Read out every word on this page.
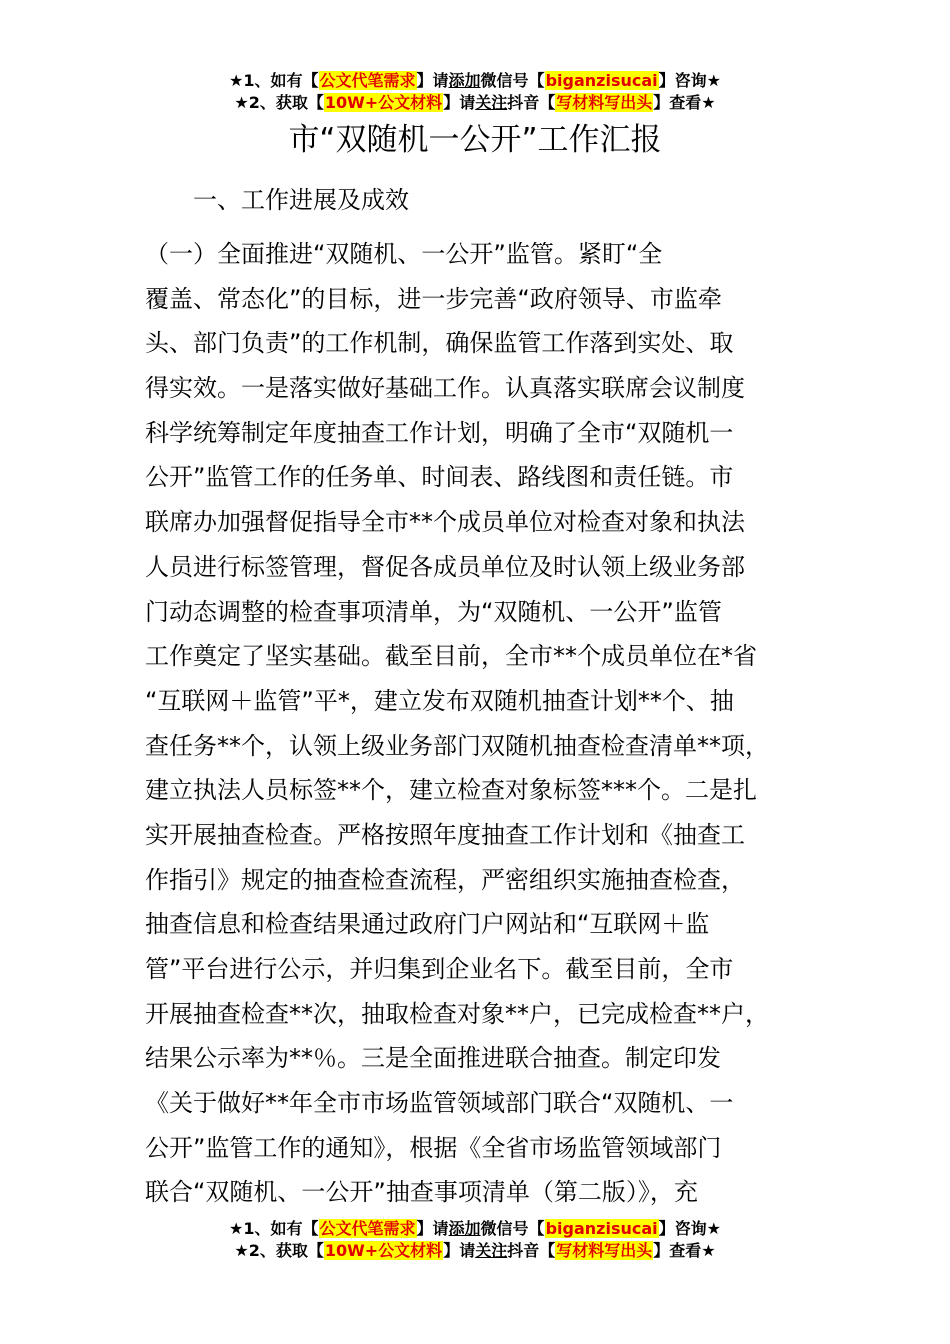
★1、如有【公文代笔需求】请添加微信号【biganzisucai】咨询★
★2、获取【10W+公文材料】请关注抖音【写材料写出头】查看★
市“双随机一公开”工作汇报
一、工作进展及成效
（一）全面推进“双随机、一公开”监管。紧盯“全
覆盖、常态化”的目标，进一步完善“政府领导、市监牵
头、部门负责”的工作机制，确保监管工作落到实处、取
得实效。一是落实做好基础工作。认真落实联席会议制度
科学统筹制定年度抽查工作计划，明确了全市“双随机一
公开”监管工作的任务单、时间表、路线图和责任链。市
联席办加强督促指导全市**个成员单位对检查对象和执法
人员进行标签管理，督促各成员单位及时认领上级业务部
门动态调整的检查事项清单，为“双随机、一公开”监管
工作奠定了坚实基础。截至目前，全市**个成员单位在*省
“互联网＋监管”平*，建立发布双随机抽查计划**个、抽
查任务**个，认领上级业务部门双随机抽查检查清单**项，
建立执法人员标签**个，建立检查对象标签***个。二是扎
实开展抽查检查。严格按照年度抽查工作计划和《抽查工
作指引》规定的抽查检查流程，严密组织实施抽查检查，
抽查信息和检查结果通过政府门户网站和“互联网＋监
管”平台进行公示，并归集到企业名下。截至目前，全市
开展抽查检查**次，抽取检查对象**户，已完成检查**户，
结果公示率为**％。三是全面推进联合抽查。制定印发
《关于做好**年全市市场监管领域部门联合“双随机、一
公开”监管工作的通知》，根据《全省市场监管领域部门
联合“双随机、一公开”抽查事项清单（第二版）》，充
★1、如有【公文代笔需求】请添加微信号【biganzisucai】咨询★
★2、获取【10W+公文材料】请关注抖音【写材料写出头】查看★
